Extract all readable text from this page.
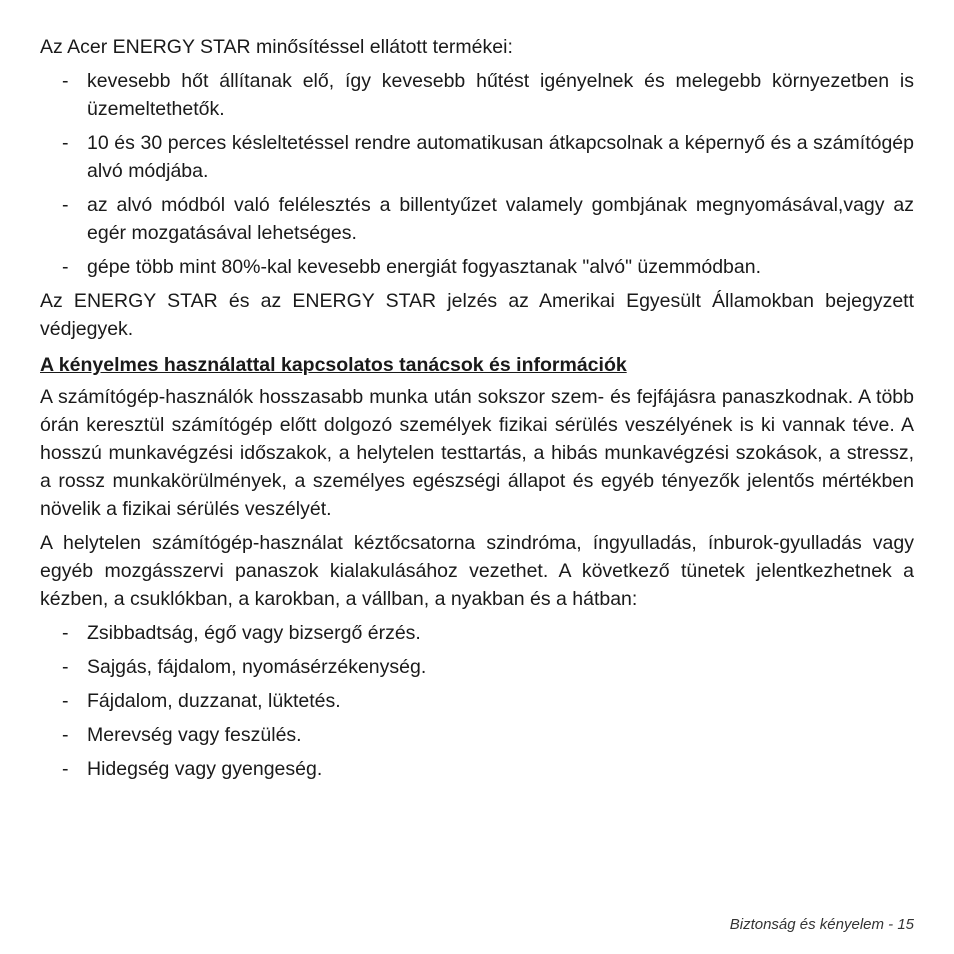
Az Acer ENERGY STAR minősítéssel ellátott termékei:

- kevesebb hőt állítanak elő, így kevesebb hűtést igényelnek és melegebb környezetben is üzemeltethetők.
- 10 és 30 perces késleltetéssel rendre automatikusan átkapcsolnak a képernyő és a számítógép alvó módjába.
- az alvó módból való felélesztés a billentyűzet valamely gombjának megnyomásával,vagy az egér mozgatásával lehetséges.
- gépe több mint 80%-kal kevesebb energiát fogyasztanak "alvó" üzemmódban.

Az ENERGY STAR és az ENERGY STAR jelzés az Amerikai Egyesült Államokban bejegyzett védjegyek.

A kényelmes használattal kapcsolatos tanácsok és információk

A számítógép-használók hosszasabb munka után sokszor szem- és fejfájásra panaszkodnak. A több órán keresztül számítógép előtt dolgozó személyek fizikai sérülés veszélyének is ki vannak téve. A hosszú munkavégzési időszakok, a helytelen testtartás, a hibás munkavégzési szokások, a stressz, a rossz munkakörülmények, a személyes egészségi állapot és egyéb tényezők jelentős mértékben növelik a fizikai sérülés veszélyét.

A helytelen számítógép-használat kéztőcsatorna szindróma, íngyulladás, ínburok-gyulladás vagy egyéb mozgásszervi panaszok kialakulásához vezethet. A következő tünetek jelentkezhetnek a kézben, a csuklókban, a karokban, a vállban, a nyakban és a hátban:

- Zsibbadtság, égő vagy bizsergő érzés.
- Sajgás, fájdalom, nyomásérzékenység.
- Fájdalom, duzzanat, lüktetés.
- Merevség vagy feszülés.
- Hidegség vagy gyengeség.
Biztonság és kényelem - 15
